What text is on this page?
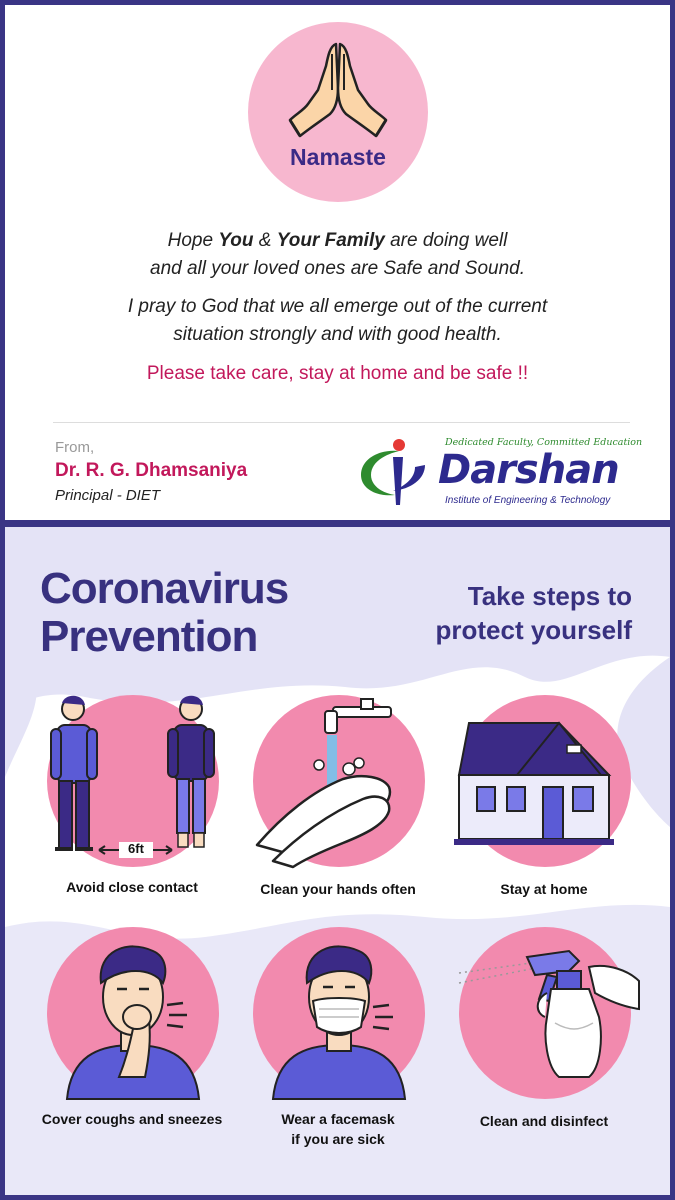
Namaste
Hope You & Your Family are doing well
and all your loved ones are Safe and Sound.
I pray to God that we all emerge out of the current
situation strongly and with good health.
Please take care, stay at home and be safe !!
From,
Dr. R. G. Dhamsaniya
Principal - DIET
Dedicated Faculty, Committed Education
Darshan
Institute of Engineering & Technology
Coronavirus
Prevention
Take steps to
protect yourself
6ft
Avoid close contact	Clean your hands often	Stay at home
Cover coughs and sneezes	Wear a facemask
if you are sick
Clean and disinfect
